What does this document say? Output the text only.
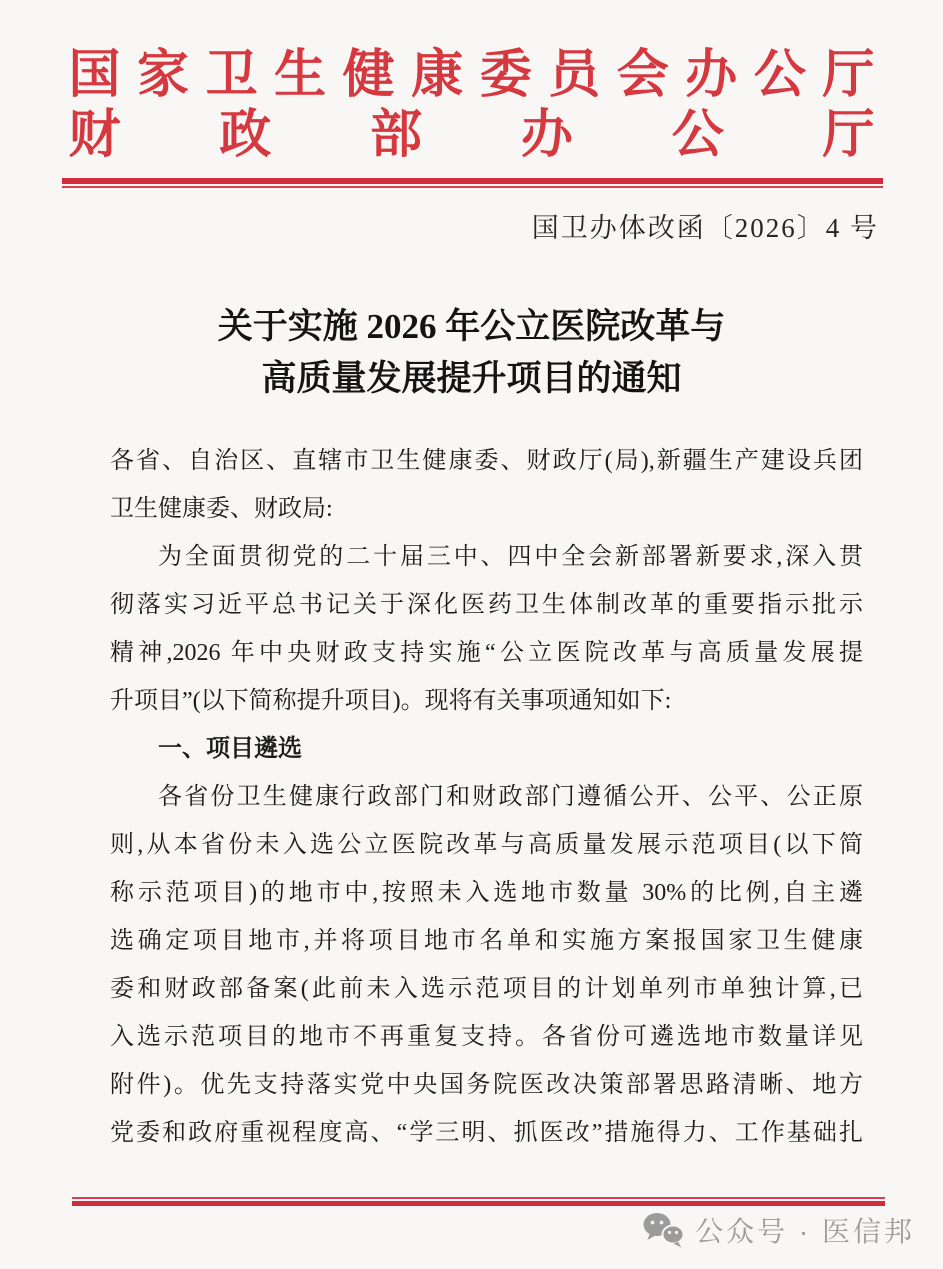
国 家 卫 生 健 康 委 员 会 办 公 厅
财 政 部 办 公 厅
国卫办体改函〔2026〕4 号
关于实施 2026 年公立医院改革与
高质量发展提升项目的通知
各省、自治区、直辖市卫生健康委、财政厅(局),新疆生产建设兵团
卫生健康委、财政局:
为全面贯彻党的二十届三中、四中全会新部署新要求,深入贯
彻落实习近平总书记关于深化医药卫生体制改革的重要指示批示
精神,2026 年中央财政支持实施“公立医院改革与高质量发展提
升项目”(以下简称提升项目)。现将有关事项通知如下:
一、项目遴选
各省份卫生健康行政部门和财政部门遵循公开、公平、公正原
则,从本省份未入选公立医院改革与高质量发展示范项目(以下简
称示范项目)的地市中,按照未入选地市数量 30%的比例,自主遴
选确定项目地市,并将项目地市名单和实施方案报国家卫生健康
委和财政部备案(此前未入选示范项目的计划单列市单独计算,已
入选示范项目的地市不再重复支持。各省份可遴选地市数量详见
附件)。优先支持落实党中央国务院医改决策部署思路清晰、地方
党委和政府重视程度高、“学三明、抓医改”措施得力、工作基础扎
公众号 · 医信邦
